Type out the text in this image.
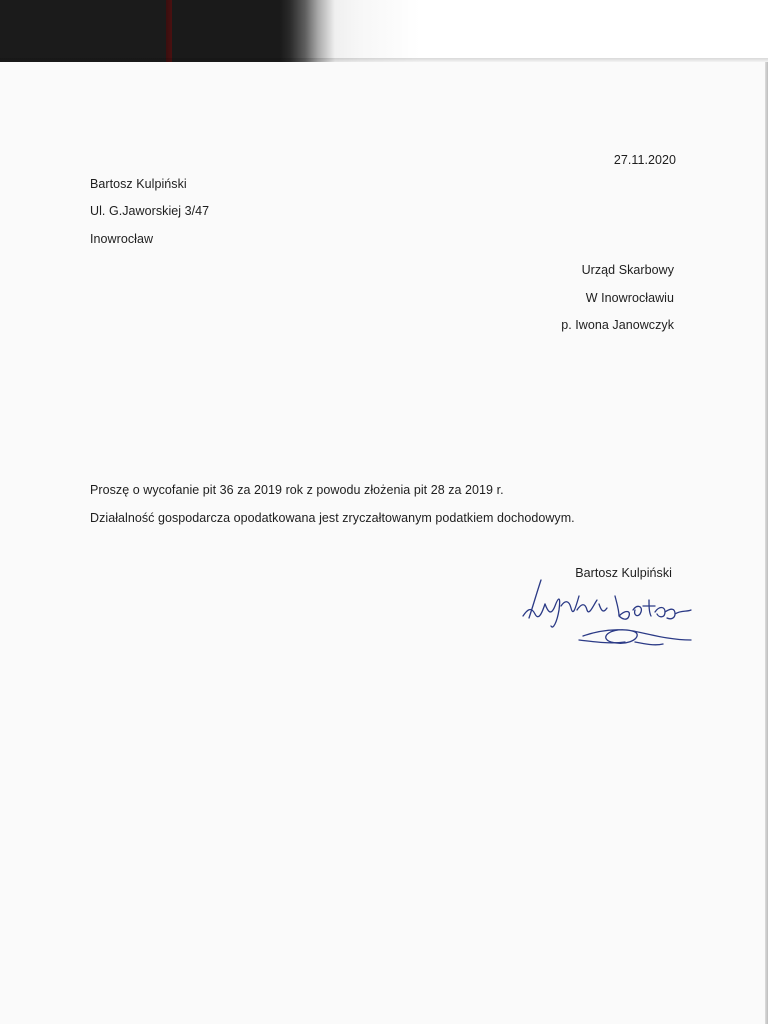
27.11.2020
Bartosz Kulpiński
Ul. G.Jaworskiej 3/47
Inowrocław
Urząd Skarbowy
W Inowrocławiu
p. Iwona Janowczyk
Proszę o wycofanie pit 36 za 2019 rok z powodu złożenia pit 28 za 2019 r.
Działalność gospodarcza opodatkowana jest zryczałtowanym podatkiem dochodowym.
Bartosz Kulpiński
